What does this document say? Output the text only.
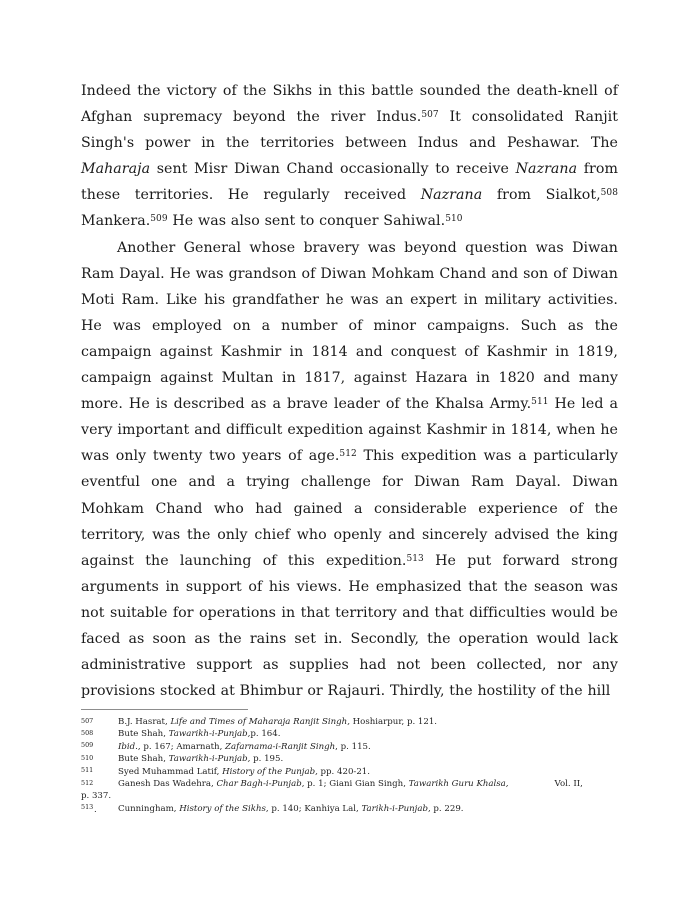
Indeed the victory of the Sikhs in this battle sounded the death-knell of Afghan supremacy beyond the river Indus.$^{507}$ It consolidated Ranjit Singh's power in the territories between Indus and Peshawar. The Maharaja sent Misr Diwan Chand occasionally to receive Nazrana from these territories. He regularly received Nazrana from Sialkot,$^{508}$ Mankera.$^{509}$ He was also sent to conquer Sahiwal.$^{510}$

Another General whose bravery was beyond question was Diwan Ram Dayal. He was grandson of Diwan Mohkam Chand and son of Diwan Moti Ram. Like his grandfather he was an expert in military activities. He was employed on a number of minor campaigns. Such as the campaign against Kashmir in 1814 and conquest of Kashmir in 1819, campaign against Multan in 1817, against Hazara in 1820 and many more. He is described as a brave leader of the Khalsa Army.$^{511}$ He led a very important and difficult expedition against Kashmir in 1814, when he was only twenty two years of age.$^{512}$ This expedition was a particularly eventful one and a trying challenge for Diwan Ram Dayal. Diwan Mohkam Chand who had gained a considerable experience of the territory, was the only chief who openly and sincerely advised the king against the launching of this expedition.$^{513}$ He put forward strong arguments in support of his views. He emphasized that the season was not suitable for operations in that territory and that difficulties would be faced as soon as the rains set in. Secondly, the operation would lack administrative support as supplies had not been collected, nor any provisions stocked at Bhimbur or Rajauri. Thirdly, the hostility of the hill

507	B.J. Hasrat, Life and Times of Maharaja Ranjit Singh, Hoshiarpur, p. 121.
508	Bute Shah, Tawarikh-i-Punjab,p. 164.
509	Ibid., p. 167; Amarnath, Zafarnama-i-Ranjit Singh, p. 115.
510	Bute Shah, Tawarikh-i-Punjab, p. 195.
511	Syed Muhammad Latif, History of the Punjab, pp. 420-21.
512	Ganesh Das Wadehra, Char Bagh-i-Punjab, p. 1; Giani Gian Singh, Tawarikh Guru Khalsa,	Vol. II,
p. 337.
513 . Cunningham, History of the Sikhs, p. 140; Kanhiya Lal, Tarikh-i-Punjab, p. 229.
